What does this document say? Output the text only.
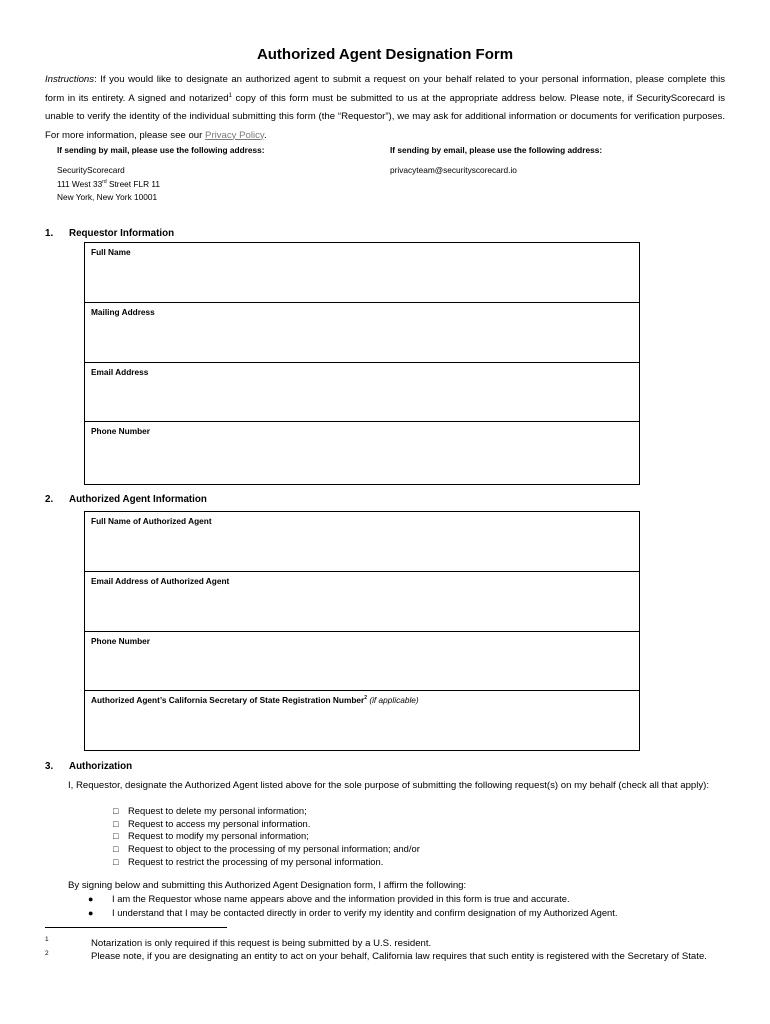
Authorized Agent Designation Form
Instructions: If you would like to designate an authorized agent to submit a request on your behalf related to your personal information, please complete this form in its entirety. A signed and notarized$^1$ copy of this form must be submitted to us at the appropriate address below. Please note, if SecurityScorecard is unable to verify the identity of the individual submitting this form (the “Requestor”), we may ask for additional information or documents for verification purposes. For more information, please see our Privacy Policy.
If sending by mail, please use the following address:
SecurityScorecard
111 West 33rd Street FLR 11
New York, New York 10001
If sending by email, please use the following address:
privacyteam@securityscorecard.io
1. Requestor Information
Full Name
Mailing Address
Email Address
Phone Number
2. Authorized Agent Information
Full Name of Authorized Agent
Email Address of Authorized Agent
Phone Number
Authorized Agent’s California Secretary of State Registration Number$^2$ (if applicable)
3. Authorization
I, Requestor, designate the Authorized Agent listed above for the sole purpose of submitting the following request(s) on my behalf (check all that apply):
□ Request to delete my personal information;
□ Request to access my personal information.
□ Request to modify my personal information;
□ Request to object to the processing of my personal information; and/or
□ Request to restrict the processing of my personal information.
By signing below and submitting this Authorized Agent Designation form, I affirm the following:
● I am the Requestor whose name appears above and the information provided in this form is true and accurate.
● I understand that I may be contacted directly in order to verify my identity and confirm designation of my Authorized Agent.
1	Notarization is only required if this request is being submitted by a U.S. resident.
2	Please note, if you are designating an entity to act on your behalf, California law requires that such entity is registered with the Secretary of State.
